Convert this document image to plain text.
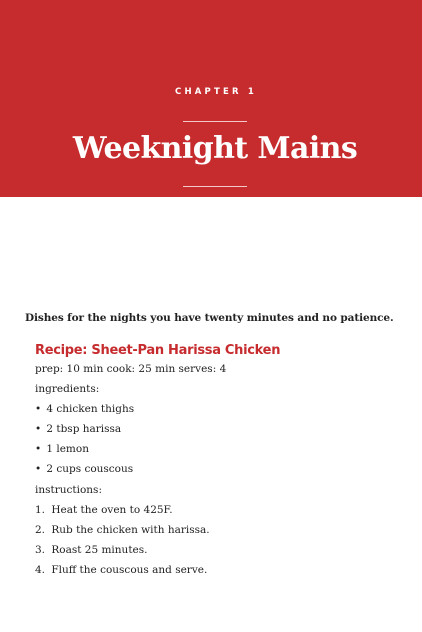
CHAPTER 1
Weeknight Mains
Dishes for the nights you have twenty minutes and no patience.
Recipe: Sheet-Pan Harissa Chicken
prep: 10 min cook: 25 min serves: 4
ingredients:
• 4 chicken thighs
• 2 tbsp harissa
• 1 lemon
• 2 cups couscous
instructions:
1. Heat the oven to 425F.
2. Rub the chicken with harissa.
3. Roast 25 minutes.
4. Fluff the couscous and serve.
